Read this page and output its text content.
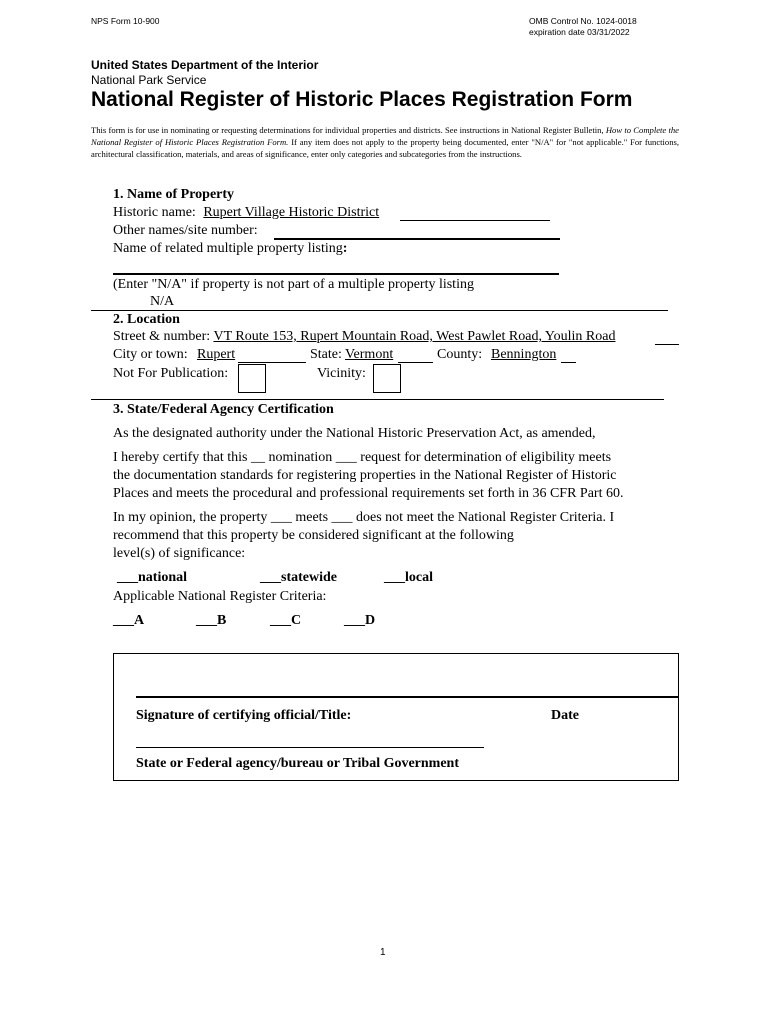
NPS Form 10-900	OMB Control No. 1024-0018
expiration date 03/31/2022
United States Department of the Interior
National Park Service
National Register of Historic Places Registration Form
This form is for use in nominating or requesting determinations for individual properties and districts. See instructions in National Register Bulletin, How to Complete the National Register of Historic Places Registration Form. If any item does not apply to the property being documented, enter "N/A" for "not applicable." For functions, architectural classification, materials, and areas of significance, enter only categories and subcategories from the instructions.
1. Name of Property
Historic name: Rupert Village Historic District
Other names/site number:
Name of related multiple property listing:
(Enter "N/A" if property is not part of a multiple property listing
N/A
2. Location
Street & number: VT Route 153, Rupert Mountain Road, West Pawlet Road, Youlin Road
City or town: Rupert	State: Vermont	County: Bennington
Not For Publication:	Vicinity:
3. State/Federal Agency Certification
As the designated authority under the National Historic Preservation Act, as amended,
I hereby certify that this __ nomination ___ request for determination of eligibility meets
the documentation standards for registering properties in the National Register of Historic
Places and meets the procedural and professional requirements set forth in 36 CFR Part 60.
In my opinion, the property ___ meets ___ does not meet the National Register Criteria. I
recommend that this property be considered significant at the following
level(s) of significance:
___national	___statewide	___local
Applicable National Register Criteria:
___A	___B	___C	___D
Signature of certifying official/Title:	Date
State or Federal agency/bureau or Tribal Government
1
